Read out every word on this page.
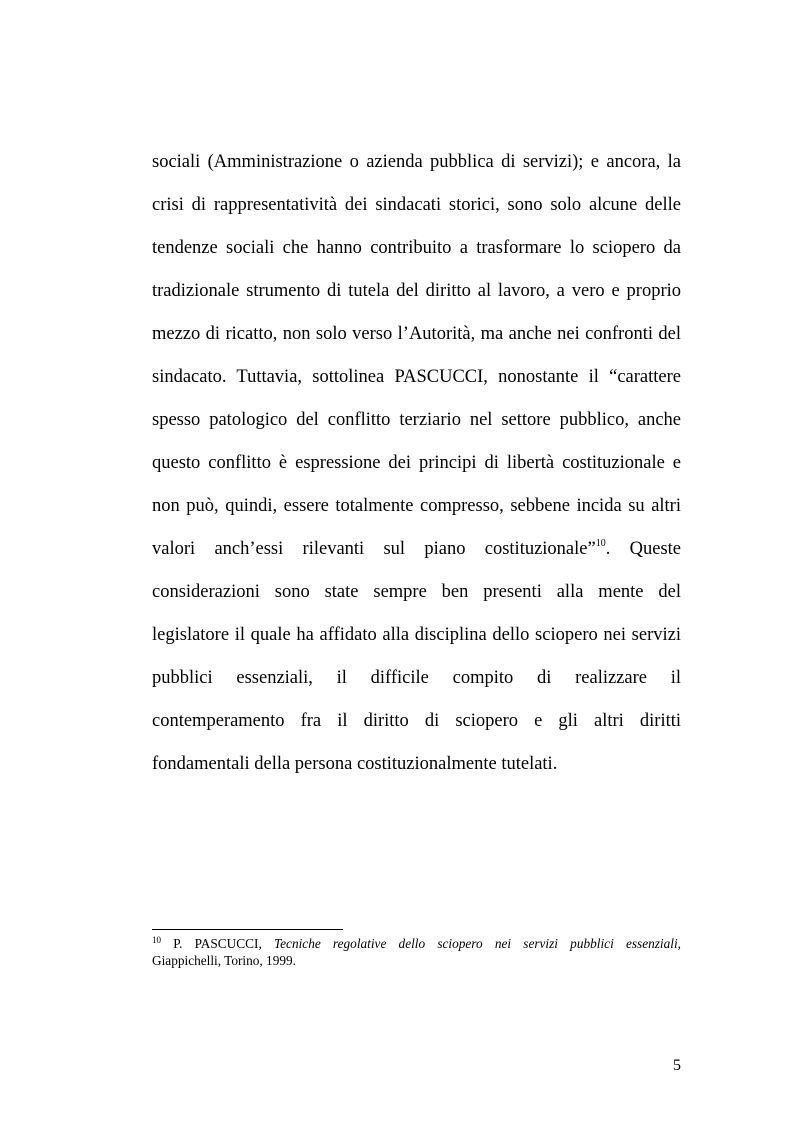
sociali (Amministrazione o azienda pubblica di servizi); e ancora, la
crisi di rappresentatività dei sindacati storici, sono solo alcune delle
tendenze sociali che hanno contribuito a trasformare lo sciopero da
tradizionale strumento di tutela del diritto al lavoro, a vero e proprio
mezzo di ricatto, non solo verso l’Autorità, ma anche nei confronti del
sindacato. Tuttavia, sottolinea PASCUCCI, nonostante il “carattere
spesso patologico del conflitto terziario nel settore pubblico, anche
questo conflitto è espressione dei principi di libertà costituzionale e
non può, quindi, essere totalmente compresso, sebbene incida su altri
valori anch’essi rilevanti sul piano costituzionale”$^{10}$. Queste
considerazioni sono state sempre ben presenti alla mente del
legislatore il quale ha affidato alla disciplina dello sciopero nei servizi
pubblici essenziali, il difficile compito di realizzare il
contemperamento fra il diritto di sciopero e gli altri diritti
fondamentali della persona costituzionalmente tutelati.
$^{10}$ P. PASCUCCI, Tecniche regolative dello sciopero nei servizi pubblici essenziali,
Giappichelli, Torino, 1999.
5
